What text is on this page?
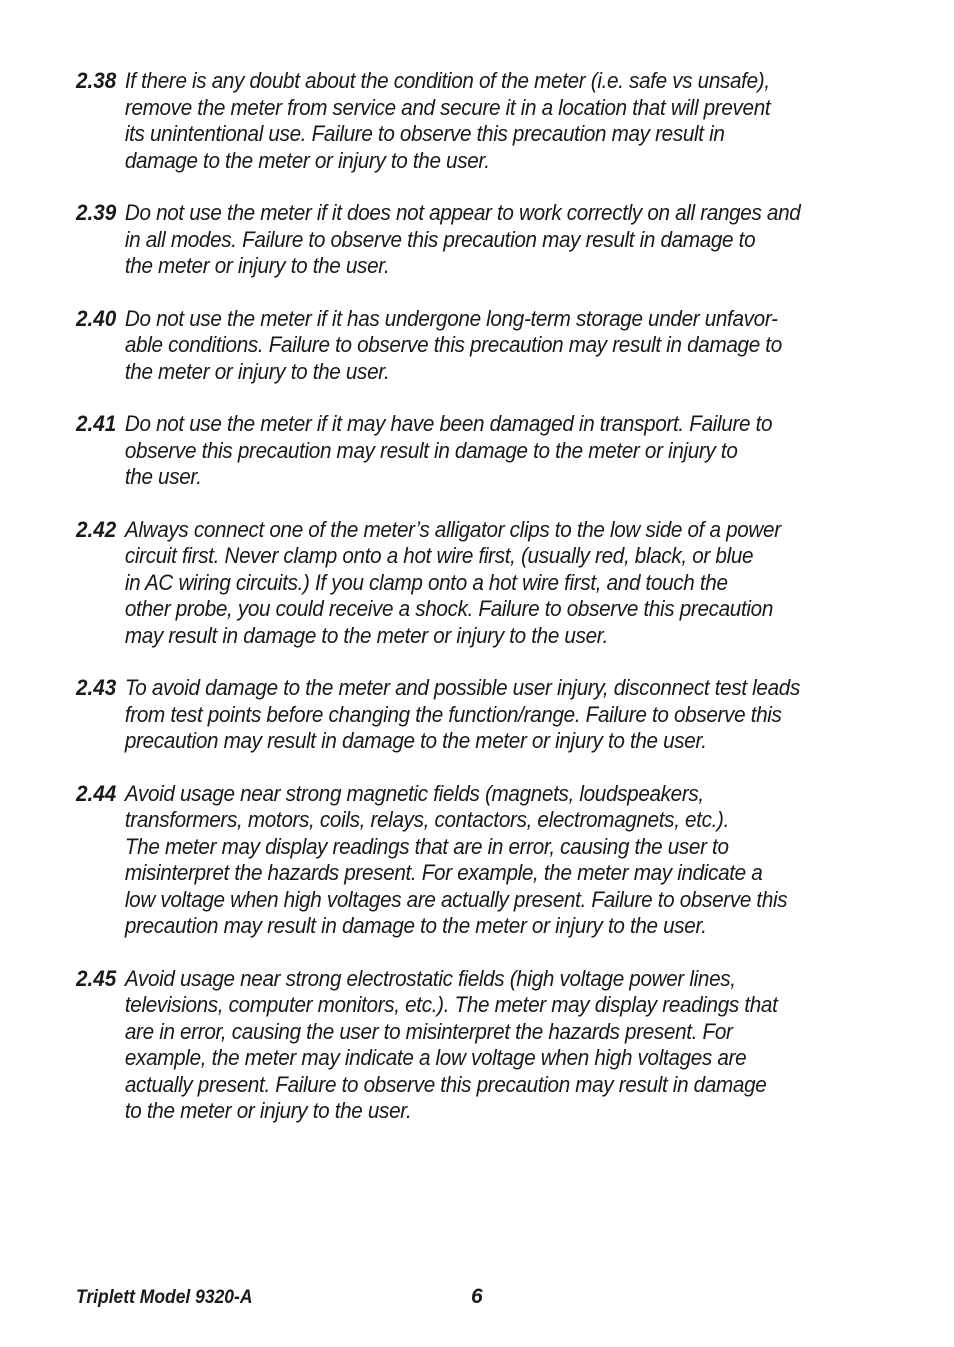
2.38 If there is any doubt about the condition of the meter (i.e. safe vs unsafe),
remove the meter from service and secure it in a location that will prevent
its unintentional use. Failure to observe this precaution may result in
damage to the meter or injury to the user.
2.39 Do not use the meter if it does not appear to work correctly on all ranges and
in all modes. Failure to observe this precaution may result in damage to
the meter or injury to the user.
2.40 Do not use the meter if it has undergone long-term storage under unfavor-
able conditions. Failure to observe this precaution may result in damage to
the meter or injury to the user.
2.41 Do not use the meter if it may have been damaged in transport. Failure to
observe this precaution may result in damage to the meter or injury to
the user.
2.42 Always connect one of the meter’s alligator clips to the low side of a power
circuit first. Never clamp onto a hot wire first, (usually red, black, or blue
in AC wiring circuits.) If you clamp onto a hot wire first, and touch the
other probe, you could receive a shock. Failure to observe this precaution
may result in damage to the meter or injury to the user.
2.43 To avoid damage to the meter and possible user injury, disconnect test leads
from test points before changing the function/range. Failure to observe this
precaution may result in damage to the meter or injury to the user.
2.44 Avoid usage near strong magnetic fields (magnets, loudspeakers,
transformers, motors, coils, relays, contactors, electromagnets, etc.).
The meter may display readings that are in error, causing the user to
misinterpret the hazards present. For example, the meter may indicate a
low voltage when high voltages are actually present. Failure to observe this
precaution may result in damage to the meter or injury to the user.
2.45 Avoid usage near strong electrostatic fields (high voltage power lines,
televisions, computer monitors, etc.). The meter may display readings that
are in error, causing the user to misinterpret the hazards present. For
example, the meter may indicate a low voltage when high voltages are
actually present. Failure to observe this precaution may result in damage
to the meter or injury to the user.
Triplett Model 9320-A	6
